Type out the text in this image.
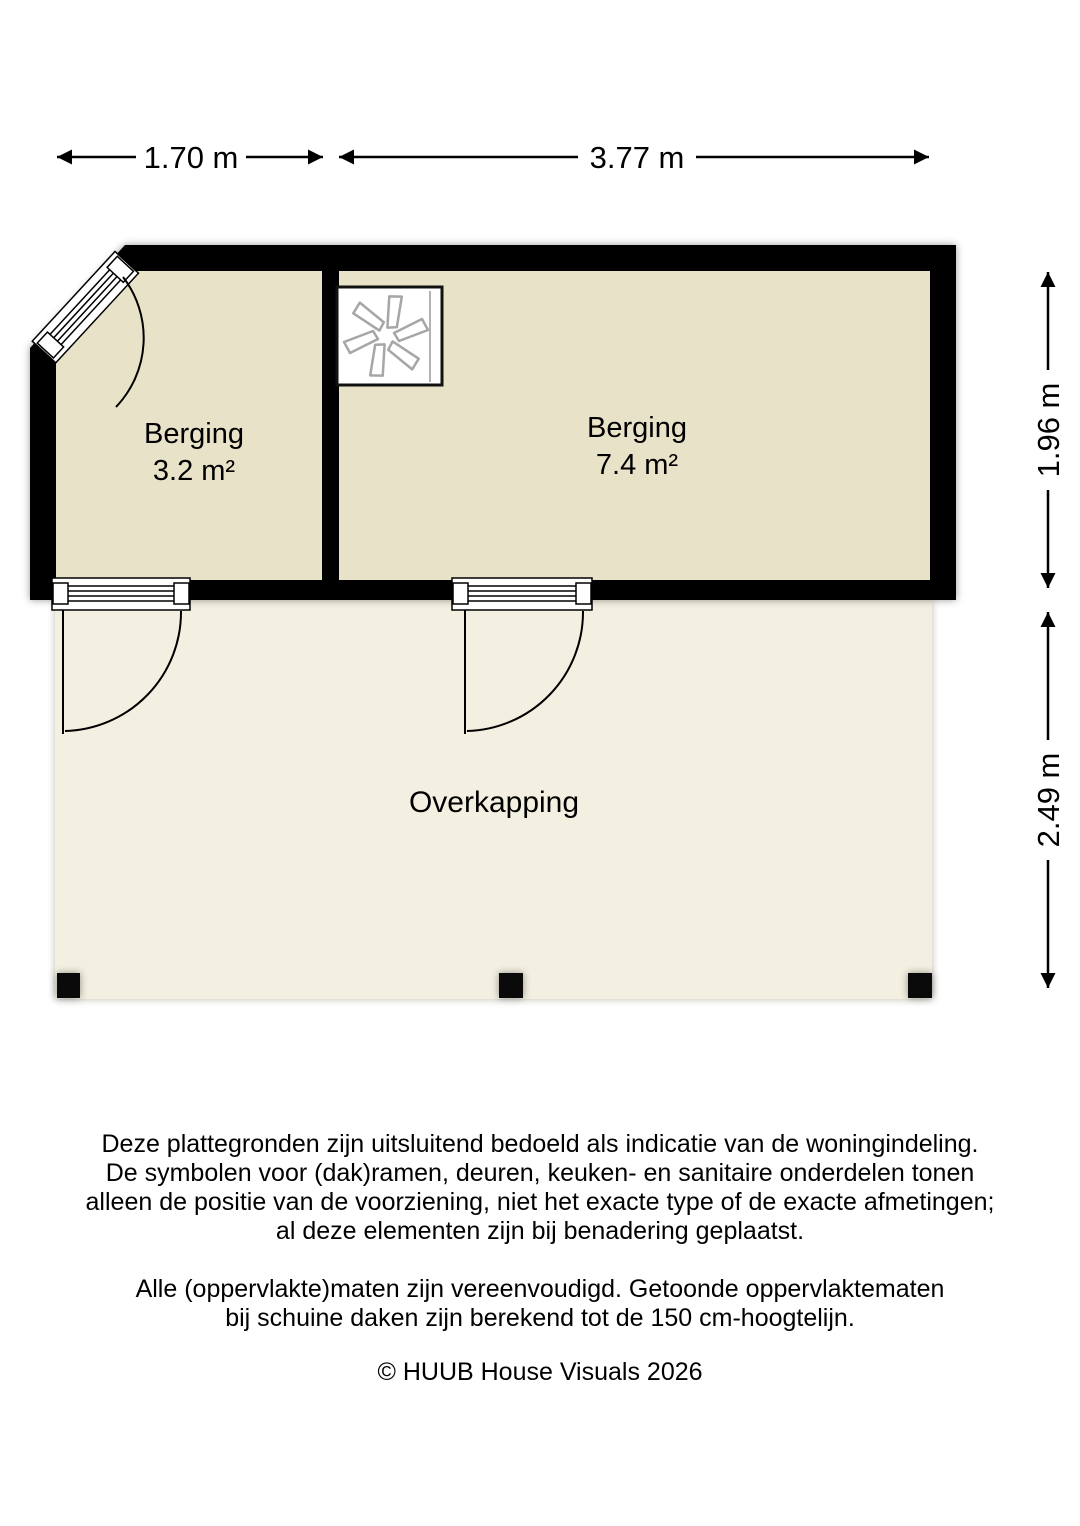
Berging
3.2 m²
Berging
7.4 m²
Overkapping
1.70 m	3.77 m
1.96 m
2.49 m
Deze plattegronden zijn uitsluitend bedoeld als indicatie van de woningindeling.
De symbolen voor (dak)ramen, deuren, keuken- en sanitaire onderdelen tonen
alleen de positie van de voorziening, niet het exacte type of de exacte afmetingen;
al deze elementen zijn bij benadering geplaatst.
Alle (oppervlakte)maten zijn vereenvoudigd. Getoonde oppervlaktematen
bij schuine daken zijn berekend tot de 150 cm-hoogtelijn.
© HUUB House Visuals 2026
